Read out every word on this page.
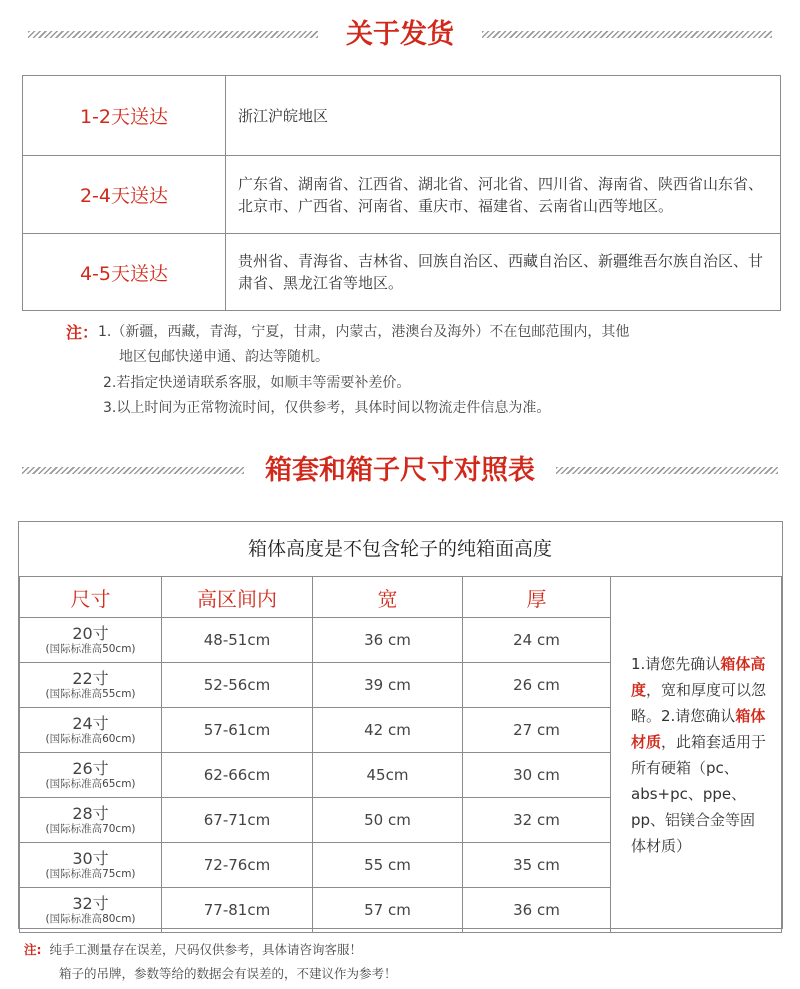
关于发货
1-2天送达	浙江沪皖地区
2-4天送达	广东省、湖南省、江西省、湖北省、河北省、四川省、海南省、陕西省山东省、北京市、广西省、河南省、重庆市、福建省、云南省山西等地区。
4-5天送达	贵州省、青海省、吉林省、回族自治区、西藏自治区、新疆维吾尔族自治区、甘肃省、黑龙江省等地区。
注： 1.（新疆，西藏，青海，宁夏，甘肃，内蒙古，港澳台及海外）不在包邮范围内，其他
地区包邮快递申通、韵达等随机。
2.若指定快递请联系客服，如顺丰等需要补差价。
3.以上时间为正常物流时间，仅供参考，具体时间以物流走件信息为准。
箱套和箱子尺寸对照表
箱体高度是不包含轮子的纯箱面高度
尺寸	高区间内	宽	厚	1.请您先确认箱体高度，宽和厚度可以忽略。2.请您确认箱体材质，此箱套适用于所有硬箱（pc、abs+pc、ppe、pp、铝镁合金等固体材质）
20寸
(国际标准高50cm)	48-51cm	36 cm	24 cm	
22寸
(国际标准高55cm)	52-56cm	39 cm	26 cm	
24寸
(国际标准高60cm)	57-61cm	42 cm	27 cm	
26寸
(国际标准高65cm)	62-66cm	45cm	30 cm	
28寸
(国际标准高70cm)	67-71cm	50 cm	32 cm	
30寸
(国际标准高75cm)	72-76cm	55 cm	35 cm	
32寸
(国际标准高80cm)	77-81cm	57 cm	36 cm	
注: 纯手工测量存在误差，尺码仅供参考，具体请咨询客服！
箱子的吊牌，参数等给的数据会有误差的，不建议作为参考！
